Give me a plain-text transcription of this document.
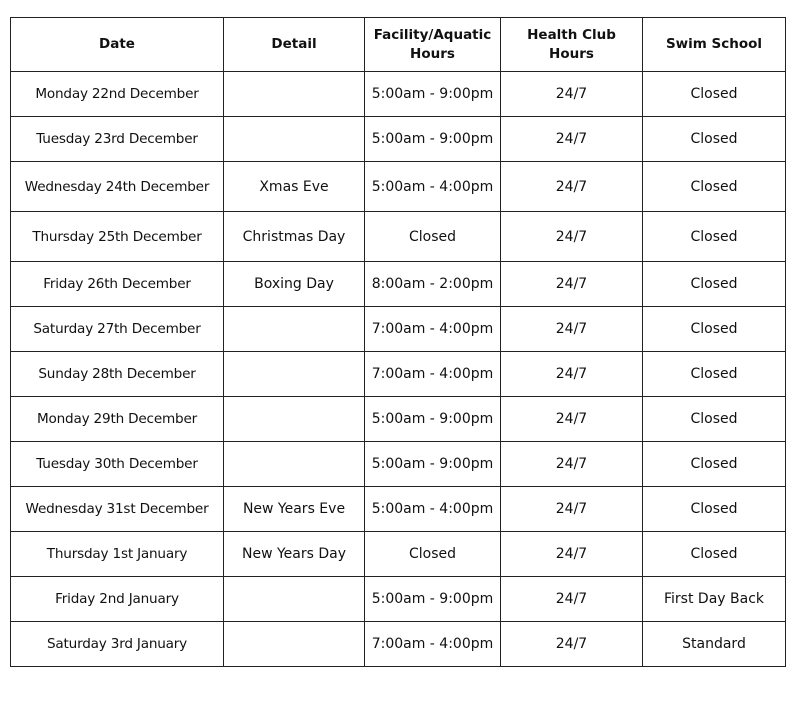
Date	Detail	Facility/Aquatic Hours	Health Club Hours	Swim School
Monday 22nd December		5:00am - 9:00pm	24/7	Closed
Tuesday 23rd December		5:00am - 9:00pm	24/7	Closed
Wednesday 24th December	Xmas Eve	5:00am - 4:00pm	24/7	Closed
Thursday 25th December	Christmas Day	Closed	24/7	Closed
Friday 26th December	Boxing Day	8:00am - 2:00pm	24/7	Closed
Saturday 27th December		7:00am - 4:00pm	24/7	Closed
Sunday 28th December		7:00am - 4:00pm	24/7	Closed
Monday 29th December		5:00am - 9:00pm	24/7	Closed
Tuesday 30th December		5:00am - 9:00pm	24/7	Closed
Wednesday 31st December	New Years Eve	5:00am - 4:00pm	24/7	Closed
Thursday 1st January	New Years Day	Closed	24/7	Closed
Friday 2nd January		5:00am - 9:00pm	24/7	First Day Back
Saturday 3rd January		7:00am - 4:00pm	24/7	Standard
